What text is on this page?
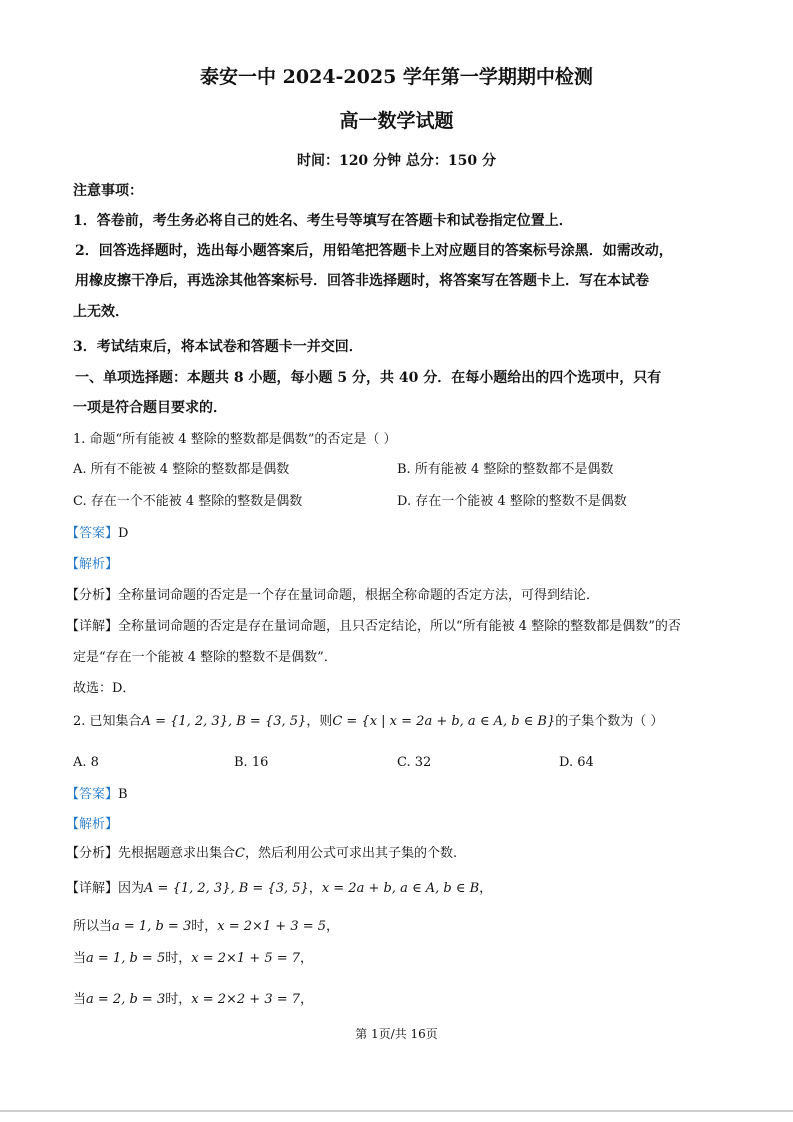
泰安一中 2024-2025 学年第一学期期中检测
高一数学试题
时间：120 分钟 总分：150 分
注意事项：
1．答卷前，考生务必将自己的姓名、考生号等填写在答题卡和试卷指定位置上．
2．回答选择题时，选出每小题答案后，用铅笔把答题卡上对应题目的答案标号涂黑．如需改动，
用橡皮擦干净后，再选涂其他答案标号．回答非选择题时，将答案写在答题卡上．写在本试卷
上无效．
3．考试结束后，将本试卷和答题卡一并交回．
一、单项选择题：本题共 8 小题，每小题 5 分，共 40 分．在每小题给出的四个选项中，只有
一项是符合题目要求的．
1. 命题“所有能被 4 整除的整数都是偶数”的否定是（ ）
A. 所有不能被 4 整除的整数都是偶数	B. 所有能被 4 整除的整数都不是偶数
C. 存在一个不能被 4 整除的整数是偶数	D. 存在一个能被 4 整除的整数不是偶数
【答案】D
【解析】
【分析】全称量词命题的否定是一个存在量词命题，根据全称命题的否定方法，可得到结论．
【详解】全称量词命题的否定是存在量词命题，且只否定结论，所以“所有能被 4 整除的整数都是偶数”的否
定是“存在一个能被 4 整除的整数不是偶数”．
故选：D．
2. 已知集合A = {1, 2, 3}, B = {3, 5}，则C = {x | x = 2a + b, a ∈ A, b ∈ B}的子集个数为（ ）
A. 8	B. 16	C. 32	D. 64
【答案】B
【解析】
【分析】先根据题意求出集合C，然后利用公式可求出其子集的个数.
【详解】因为A = {1, 2, 3}, B = {3, 5}，x = 2a + b, a ∈ A, b ∈ B，
所以当a = 1, b = 3时，x = 2×1 + 3 = 5，
当a = 1, b = 5时，x = 2×1 + 5 = 7，
当a = 2, b = 3时，x = 2×2 + 3 = 7，
第 1页/共 16页
